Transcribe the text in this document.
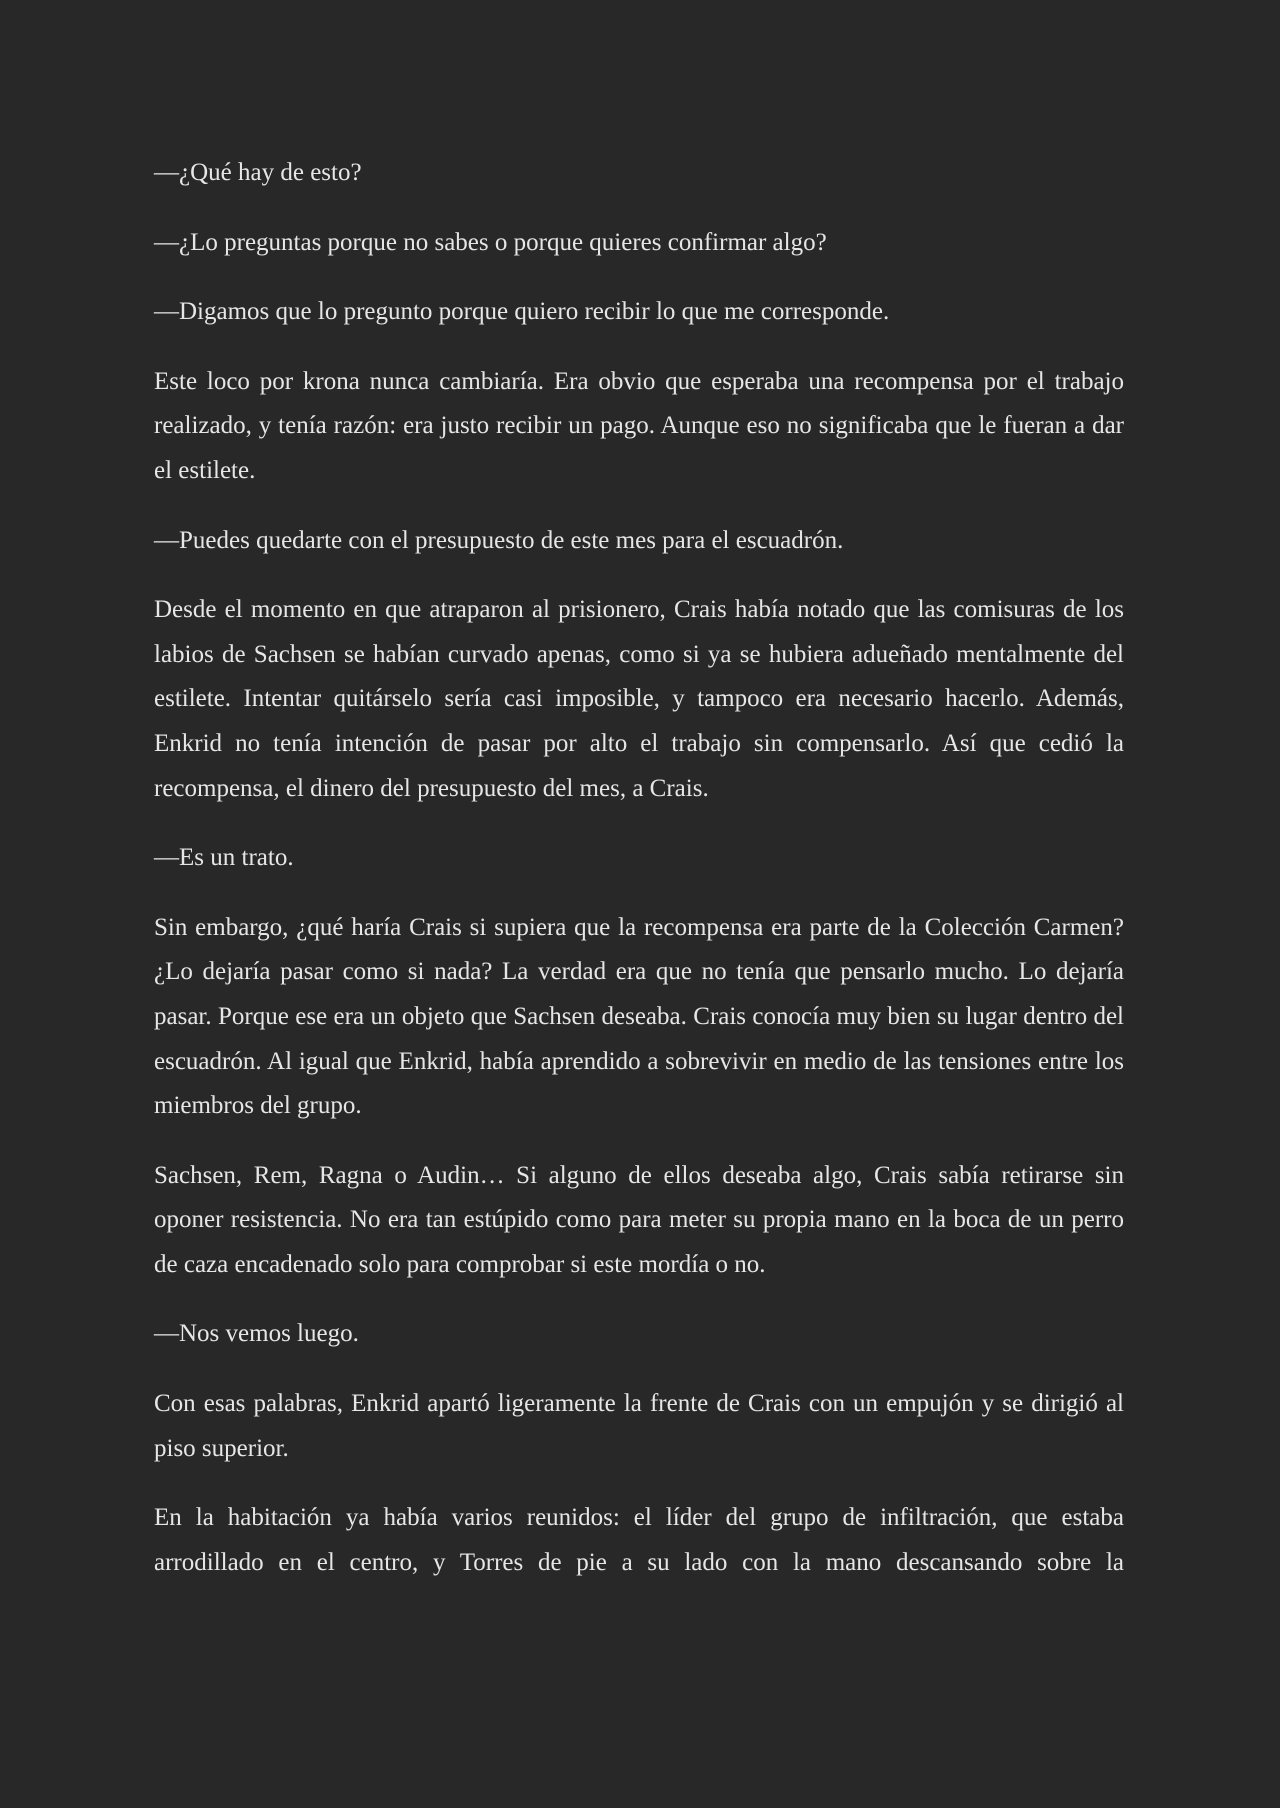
—¿Qué hay de esto?

—¿Lo preguntas porque no sabes o porque quieres confirmar algo?

—Digamos que lo pregunto porque quiero recibir lo que me corresponde.

Este loco por krona nunca cambiaría. Era obvio que esperaba una recompensa por el trabajo realizado, y tenía razón: era justo recibir un pago. Aunque eso no significaba que le fueran a dar el estilete.

—Puedes quedarte con el presupuesto de este mes para el escuadrón.

Desde el momento en que atraparon al prisionero, Crais había notado que las comisuras de los labios de Sachsen se habían curvado apenas, como si ya se hubiera adueñado mentalmente del estilete. Intentar quitárselo sería casi imposible, y tampoco era necesario hacerlo. Además, Enkrid no tenía intención de pasar por alto el trabajo sin compensarlo. Así que cedió la recompensa, el dinero del presupuesto del mes, a Crais.

—Es un trato.

Sin embargo, ¿qué haría Crais si supiera que la recompensa era parte de la Colección Carmen? ¿Lo dejaría pasar como si nada? La verdad era que no tenía que pensarlo mucho. Lo dejaría pasar. Porque ese era un objeto que Sachsen deseaba. Crais conocía muy bien su lugar dentro del escuadrón. Al igual que Enkrid, había aprendido a sobrevivir en medio de las tensiones entre los miembros del grupo.

Sachsen, Rem, Ragna o Audin… Si alguno de ellos deseaba algo, Crais sabía retirarse sin oponer resistencia. No era tan estúpido como para meter su propia mano en la boca de un perro de caza encadenado solo para comprobar si este mordía o no.

—Nos vemos luego.

Con esas palabras, Enkrid apartó ligeramente la frente de Crais con un empujón y se dirigió al piso superior.

En la habitación ya había varios reunidos: el líder del grupo de infiltración, que estaba arrodillado en el centro, y Torres de pie a su lado con la mano descansando sobre la
